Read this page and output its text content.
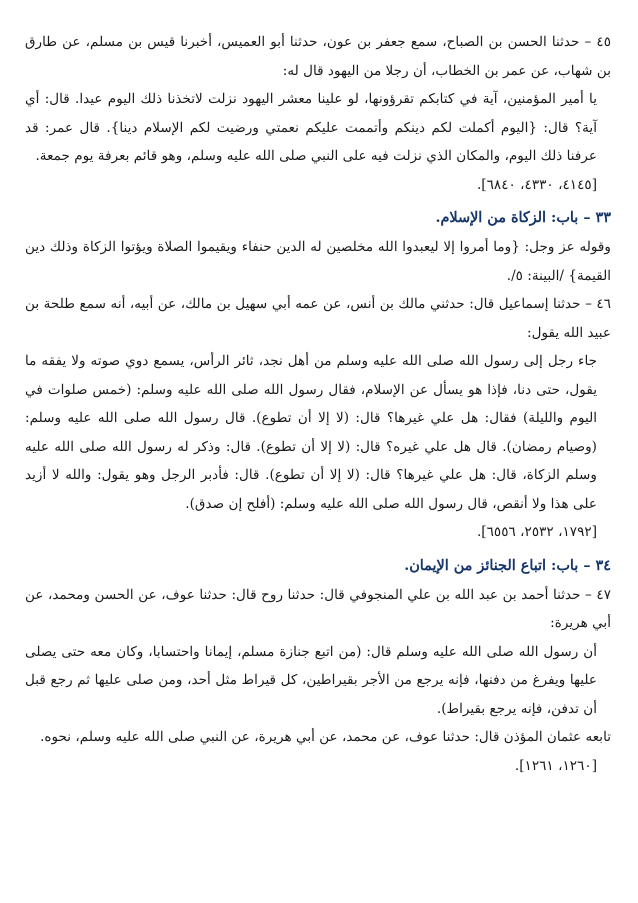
٤٥ – حدثنا الحسن بن الصباح، سمع جعفر بن عون، حدثنا أبو العميس، أخبرنا قيس بن مسلم، عن طارق بن شهاب، عن عمر بن الخطاب، أن رجلا من اليهود قال له:

يا أمير المؤمنين، آية في كتابكم تقرؤونها، لو علينا معشر اليهود نزلت لاتخذنا ذلك اليوم عيدا. قال: أي آية؟ قال: {اليوم أكملت لكم دينكم وأتممت عليكم نعمتي ورضيت لكم الإسلام دينا}. قال عمر: قد عرفنا ذلك اليوم، والمكان الذي نزلت فيه على النبي صلى الله عليه وسلم، وهو قائم بعرفة يوم جمعة.

[٤١٤٥، ٤٣٣٠، ٦٨٤٠].

٣٣ – باب: الزكاة من الإسلام.

وقوله عز وجل: {وما أمروا إلا ليعبدوا الله مخلصين له الدين حنفاء ويقيموا الصلاة ويؤتوا الزكاة وذلك دين القيمة} /البينة: ٥/.

٤٦ – حدثنا إسماعيل قال: حدثني مالك بن أنس، عن عمه أبي سهيل بن مالك، عن أبيه، أنه سمع طلحة بن عبيد الله يقول:

جاء رجل إلى رسول الله صلى الله عليه وسلم من أهل نجد، ثائر الرأس، يسمع دوي صوته ولا يفقه ما يقول، حتى دنا، فإذا هو يسأل عن الإسلام، فقال رسول الله صلى الله عليه وسلم: (خمس صلوات في اليوم والليلة) فقال: هل علي غيرها؟ قال: (لا إلا أن تطوع). قال رسول الله صلى الله عليه وسلم: (وصيام رمضان). قال هل علي غيره؟ قال: (لا إلا أن تطوع). قال: وذكر له رسول الله صلى الله عليه وسلم الزكاة، قال: هل علي غيرها؟ قال: (لا إلا أن تطوع). قال: فأدبر الرجل وهو يقول: والله لا أزيد على هذا ولا أنقص، قال رسول الله صلى الله عليه وسلم: (أفلح إن صدق).

[١٧٩٢، ٢٥٣٢، ٦٥٥٦].

٣٤ – باب: اتباع الجنائز من الإيمان.

٤٧ – حدثنا أحمد بن عبد الله بن علي المنجوفي قال: حدثنا روح قال: حدثنا عوف، عن الحسن ومحمد، عن أبي هريرة:

أن رسول الله صلى الله عليه وسلم قال: (من اتبع جنازة مسلم، إيمانا واحتسابا، وكان معه حتى يصلى عليها ويفرغ من دفنها، فإنه يرجع من الأجر بقيراطين، كل قيراط مثل أحد، ومن صلى عليها ثم رجع قبل أن تدفن، فإنه يرجع بقيراط).

تابعه عثمان المؤذن قال: حدثنا عوف، عن محمد، عن أبي هريرة، عن النبي صلى الله عليه وسلم، نحوه.

[١٢٦٠، ١٢٦١].
